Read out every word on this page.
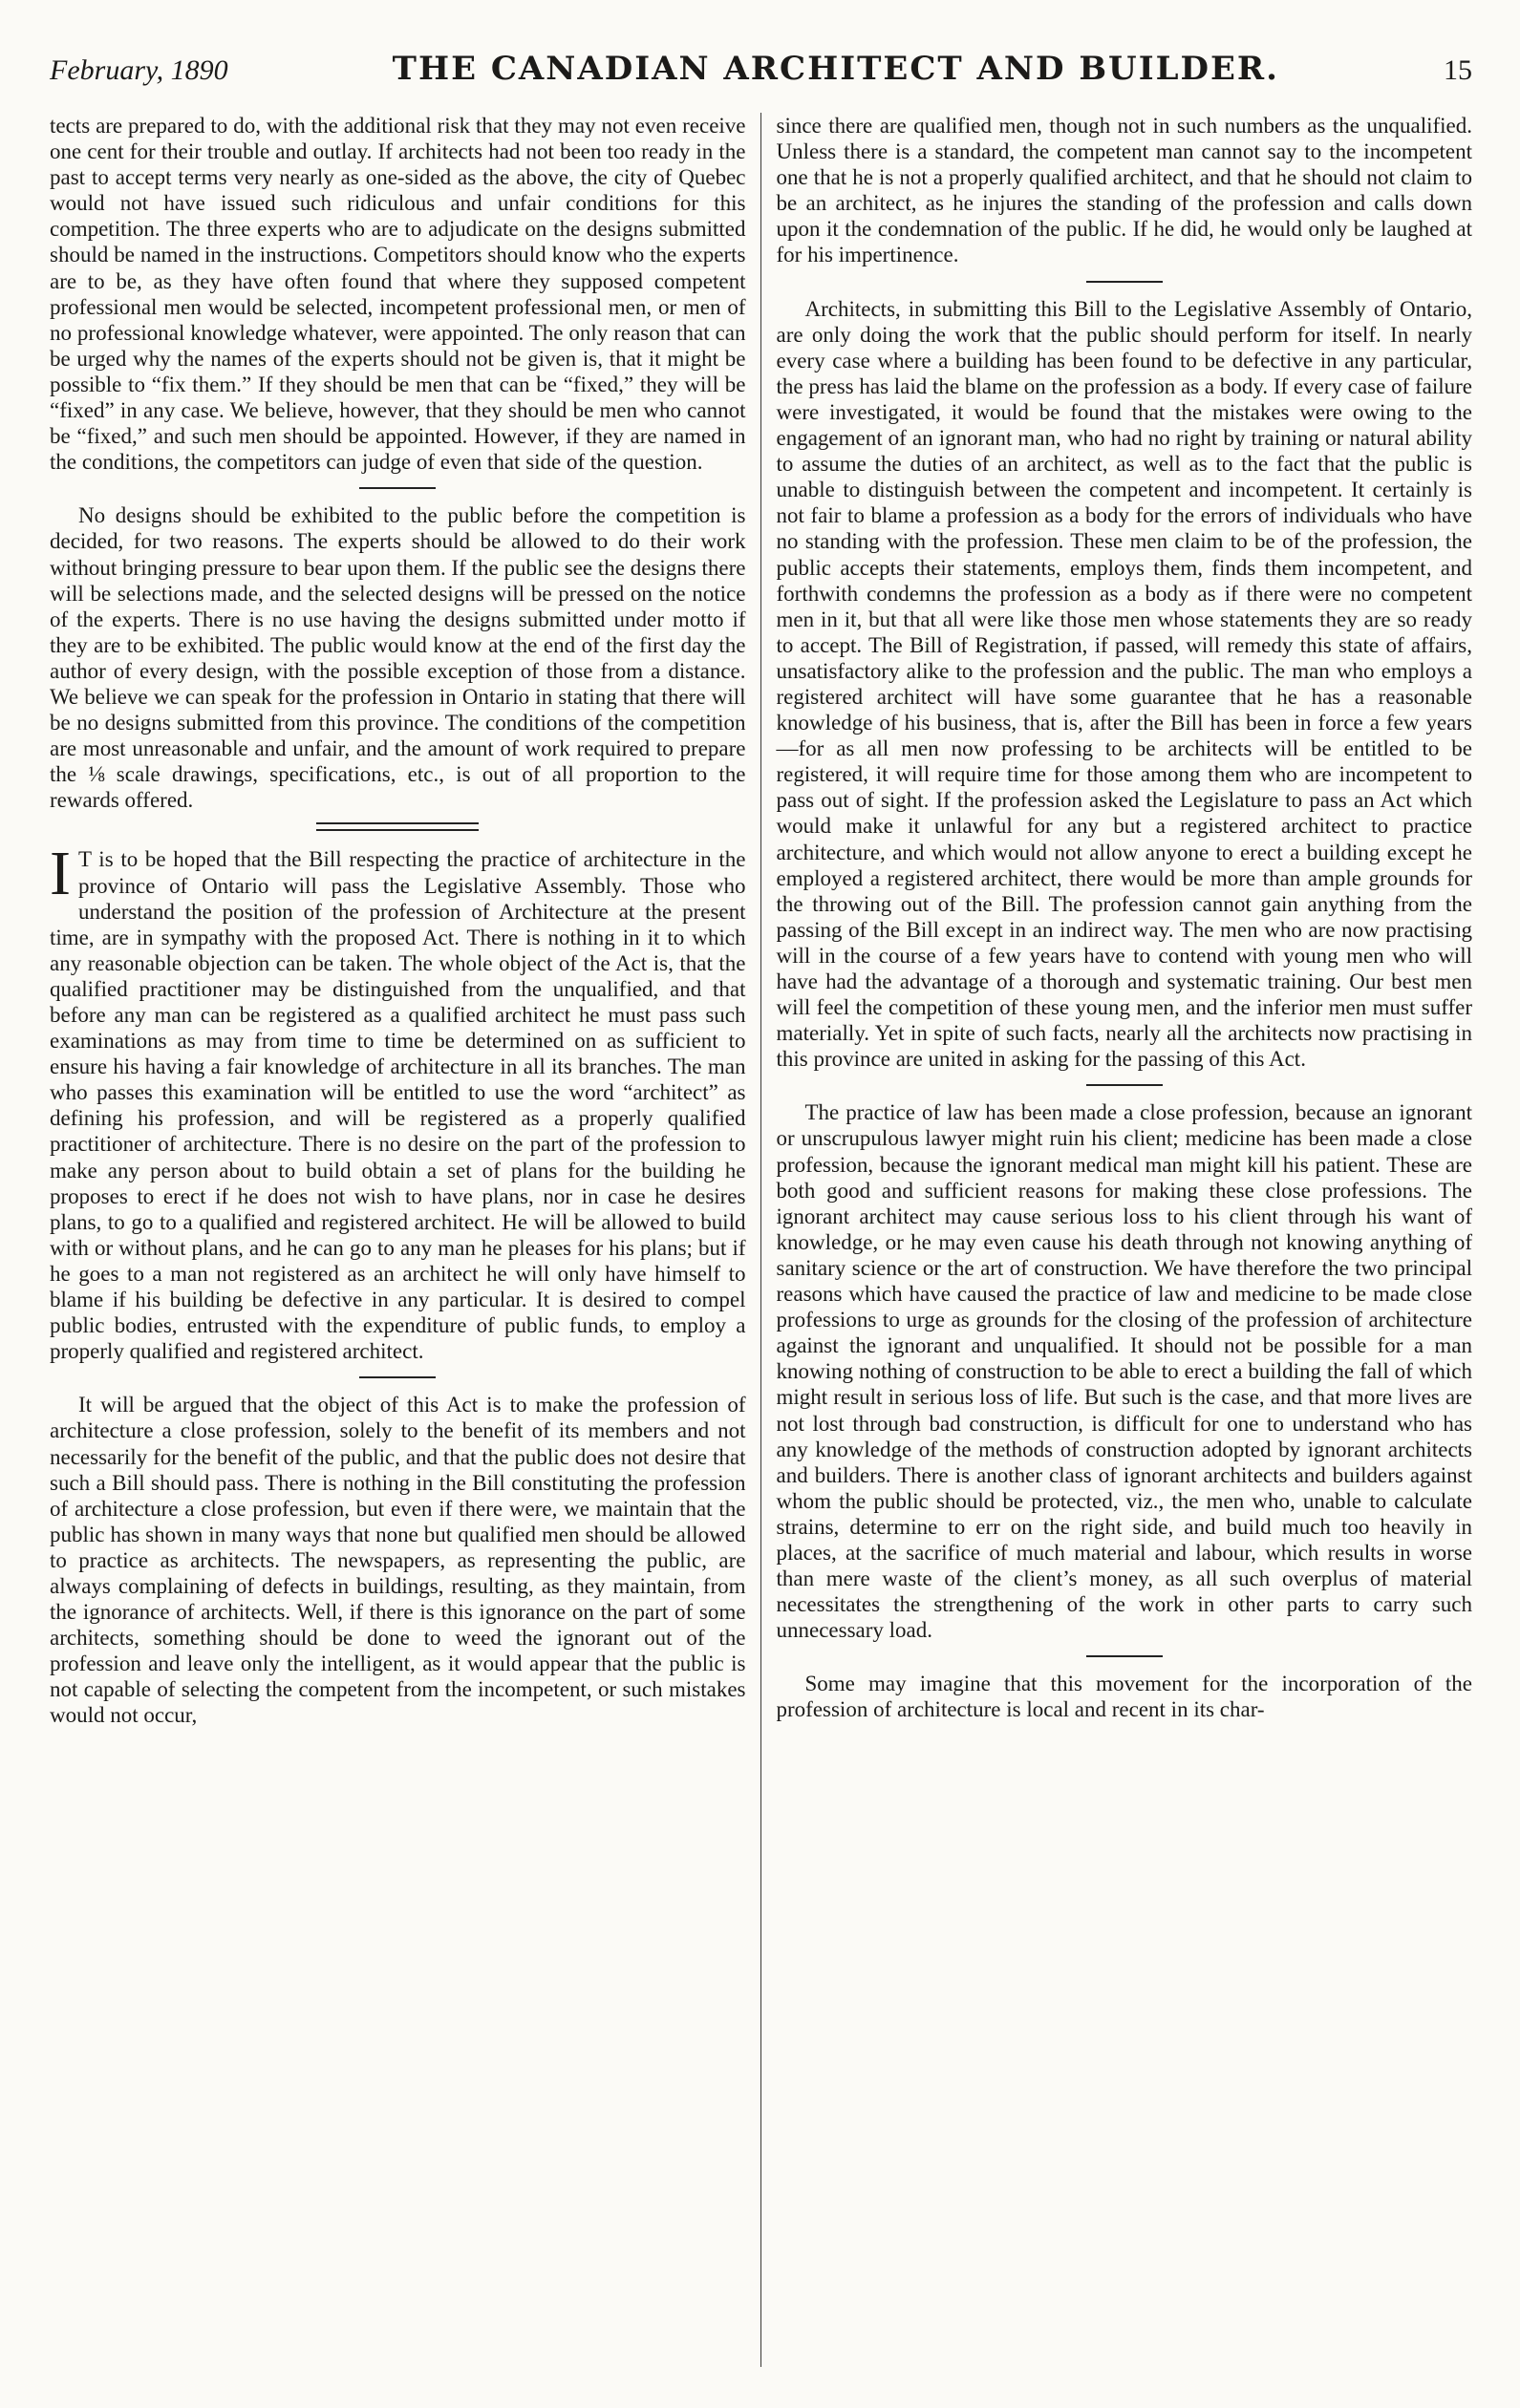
February, 1890	THE CANADIAN ARCHITECT AND BUILDER.	15

tects are prepared to do, with the additional risk that they may not even receive one cent for their trouble and outlay. If architects had not been too ready in the past to accept terms very nearly as one-sided as the above, the city of Quebec would not have issued such ridiculous and unfair conditions for this competition. The three experts who are to adjudicate on the designs submitted should be named in the instructions. Competitors should know who the experts are to be, as they have often found that where they supposed competent professional men would be selected, incompetent professional men, or men of no professional knowledge whatever, were appointed. The only reason that can be urged why the names of the experts should not be given is, that it might be possible to “fix them.” If they should be men that can be “fixed,” they will be “fixed” in any case. We believe, however, that they should be men who cannot be “fixed,” and such men should be appointed. However, if they are named in the conditions, the competitors can judge of even that side of the question.

No designs should be exhibited to the public before the competition is decided, for two reasons. The experts should be allowed to do their work without bringing pressure to bear upon them. If the public see the designs there will be selections made, and the selected designs will be pressed on the notice of the experts. There is no use having the designs submitted under motto if they are to be exhibited. The public would know at the end of the first day the author of every design, with the possible exception of those from a distance. We believe we can speak for the profession in Ontario in stating that there will be no designs submitted from this province. The conditions of the competition are most unreasonable and unfair, and the amount of work required to prepare the ⅛ scale drawings, specifications, etc., is out of all proportion to the rewards offered.

I T is to be hoped that the Bill respecting the practice of architecture in the province of Ontario will pass the Legislative Assembly. Those who understand the position of the profession of Architecture at the present time, are in sympathy with the proposed Act. There is nothing in it to which any reasonable objection can be taken. The whole object of the Act is, that the qualified practitioner may be distinguished from the unqualified, and that before any man can be registered as a qualified architect he must pass such examinations as may from time to time be determined on as sufficient to ensure his having a fair knowledge of architecture in all its branches. The man who passes this examination will be entitled to use the word “architect” as defining his profession, and will be registered as a properly qualified practitioner of architecture. There is no desire on the part of the profession to make any person about to build obtain a set of plans for the building he proposes to erect if he does not wish to have plans, nor in case he desires plans, to go to a qualified and registered architect. He will be allowed to build with or without plans, and he can go to any man he pleases for his plans; but if he goes to a man not registered as an architect he will only have himself to blame if his building be defective in any particular. It is desired to compel public bodies, entrusted with the expenditure of public funds, to employ a properly qualified and registered architect.

It will be argued that the object of this Act is to make the profession of architecture a close profession, solely to the benefit of its members and not necessarily for the benefit of the public, and that the public does not desire that such a Bill should pass. There is nothing in the Bill constituting the profession of architecture a close profession, but even if there were, we maintain that the public has shown in many ways that none but qualified men should be allowed to practice as architects. The newspapers, as representing the public, are always complaining of defects in buildings, resulting, as they maintain, from the ignorance of architects. Well, if there is this ignorance on the part of some architects, something should be done to weed the ignorant out of the profession and leave only the intelligent, as it would appear that the public is not capable of selecting the competent from the incompetent, or such mistakes would not occur,

since there are qualified men, though not in such numbers as the unqualified. Unless there is a standard, the competent man cannot say to the incompetent one that he is not a properly qualified architect, and that he should not claim to be an architect, as he injures the standing of the profession and calls down upon it the condemnation of the public. If he did, he would only be laughed at for his impertinence.

Architects, in submitting this Bill to the Legislative Assembly of Ontario, are only doing the work that the public should perform for itself. In nearly every case where a building has been found to be defective in any particular, the press has laid the blame on the profession as a body. If every case of failure were investigated, it would be found that the mistakes were owing to the engagement of an ignorant man, who had no right by training or natural ability to assume the duties of an architect, as well as to the fact that the public is unable to distinguish between the competent and incompetent. It certainly is not fair to blame a profession as a body for the errors of individuals who have no standing with the profession. These men claim to be of the profession, the public accepts their statements, employs them, finds them incompetent, and forthwith condemns the profession as a body as if there were no competent men in it, but that all were like those men whose statements they are so ready to accept. The Bill of Registration, if passed, will remedy this state of affairs, unsatisfactory alike to the profession and the public. The man who employs a registered architect will have some guarantee that he has a reasonable knowledge of his business, that is, after the Bill has been in force a few years—for as all men now professing to be architects will be entitled to be registered, it will require time for those among them who are incompetent to pass out of sight. If the profession asked the Legislature to pass an Act which would make it unlawful for any but a registered architect to practice architecture, and which would not allow anyone to erect a building except he employed a registered architect, there would be more than ample grounds for the throwing out of the Bill. The profession cannot gain anything from the passing of the Bill except in an indirect way. The men who are now practising will in the course of a few years have to contend with young men who will have had the advantage of a thorough and systematic training. Our best men will feel the competition of these young men, and the inferior men must suffer materially. Yet in spite of such facts, nearly all the architects now practising in this province are united in asking for the passing of this Act.

The practice of law has been made a close profession, because an ignorant or unscrupulous lawyer might ruin his client; medicine has been made a close profession, because the ignorant medical man might kill his patient. These are both good and sufficient reasons for making these close professions. The ignorant architect may cause serious loss to his client through his want of knowledge, or he may even cause his death through not knowing anything of sanitary science or the art of construction. We have therefore the two principal reasons which have caused the practice of law and medicine to be made close professions to urge as grounds for the closing of the profession of architecture against the ignorant and unqualified. It should not be possible for a man knowing nothing of construction to be able to erect a building the fall of which might result in serious loss of life. But such is the case, and that more lives are not lost through bad construction, is difficult for one to understand who has any knowledge of the methods of construction adopted by ignorant architects and builders. There is another class of ignorant architects and builders against whom the public should be protected, viz., the men who, unable to calculate strains, determine to err on the right side, and build much too heavily in places, at the sacrifice of much material and labour, which results in worse than mere waste of the client’s money, as all such overplus of material necessitates the strengthening of the work in other parts to carry such unnecessary load.

Some may imagine that this movement for the incorporation of the profession of architecture is local and recent in its char-
